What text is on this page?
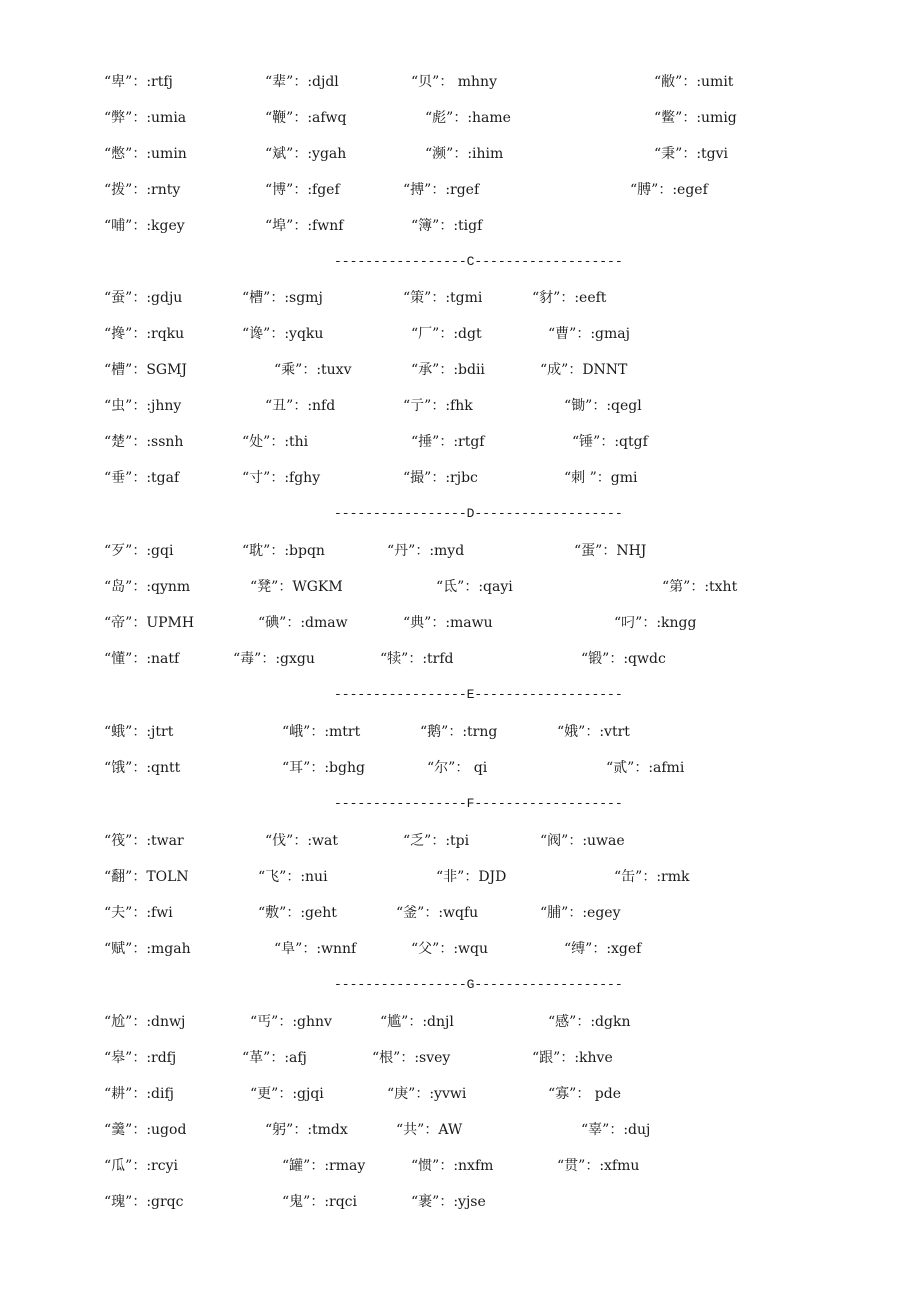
“卑”：:rtfj	“辈”：:djdl	“贝”： mhny	“敝”：:umit
“弊”：:umia	“鞭”：:afwq	“彪”：:hame	“鳖”：:umig
“憋”：:umin	“斌”：:ygah	“濒”：:ihim	“秉”：:tgvi
“拨”：:rnty	“博”：:fgef	“搏”：:rgef	“膊”：:egef
“哺”：:kgey	“埠”：:fwnf	“簿”：:tigf
-----------------C-------------------
“蚕”：:gdju	“槽”：:sgmj	“策”：:tgmi	“豺”：:eeft
“搀”：:rqku	“谗”：:yqku	“厂”：:dgt	“曹”：:gmaj
“槽”：SGMJ	“乘”：:tuxv	“承”：:bdii	“成”：DNNT
“虫”：:jhny	“丑”：:nfd	“亍”：:fhk	“锄”：:qegl
“楚”：:ssnh	“处”：:thi	“捶”：:rtgf	“锤”：:qtgf
“垂”：:tgaf	“寸”：:fghy	“撮”：:rjbc	“刺 ”：gmi
-----------------D-------------------
“歹”：:gqi	“耽”：:bpqn	“丹”：:myd	“蛋”：NHJ
“岛”：:qynm	“凳”：WGKM	“氐”：:qayi	“第”：:txht
“帝”：UPMH	“碘”：:dmaw	“典”：:mawu	“叼”：:kngg
“懂”：:natf	“毒”：:gxgu	“犊”：:trfd	“锻”：:qwdc
-----------------E-------------------
“蛾”：:jtrt	“峨”：:mtrt	“鹅”：:trng	“娥”：:vtrt
“饿”：:qntt	“耳”：:bghg	“尔”： qi	“贰”：:afmi
-----------------F-------------------
“筏”：:twar	“伐”：:wat	“乏”：:tpi	“阀”：:uwae
“翻”：TOLN	“飞”：:nui	“非”：DJD	“缶”：:rmk
“夫”：:fwi	“敷”：:geht	“釜”：:wqfu	“脯”：:egey
“赋”：:mgah	“阜”：:wnnf	“父”：:wqu	“缚”：:xgef
-----------------G-------------------
“尬”：:dnwj	“丐”：:ghnv	“尴”：:dnjl	“感”：:dgkn
“皋”：:rdfj	“革”：:afj	“根”：:svey	“跟”：:khve
“耕”：:difj	“更”：:gjqi	“庚”：:yvwi	“寡”： pde
“羹”：:ugod	“躬”：:tmdx	“共”：AW	“辜”：:duj
“瓜”：:rcyi	“罐”：:rmay	“惯”：:nxfm	“贯”：:xfmu
“瑰”：:grqc	“鬼”：:rqci	“裹”：:yjse
